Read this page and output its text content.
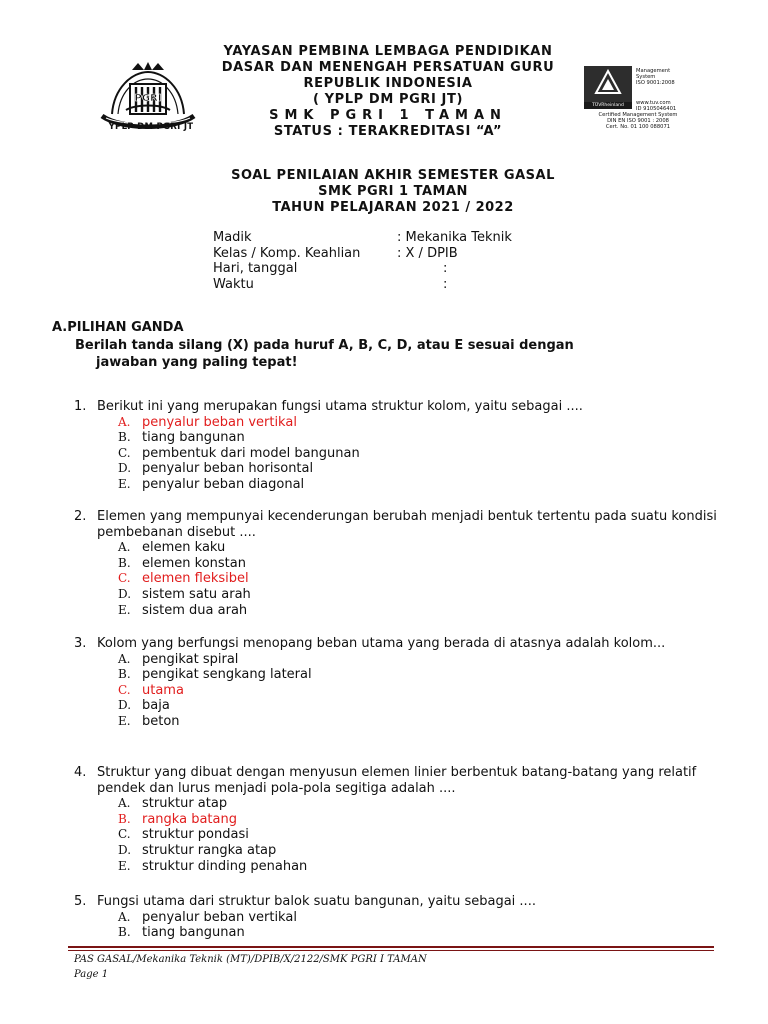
PGRI
YPLP DM PGRI JT
YAYASAN PEMBINA LEMBAGA PENDIDIKAN
DASAR DAN MENENGAH PERSATUAN GURU
REPUBLIK INDONESIA
( YPLP DM PGRI JT)
SMK PGRI 1 TAMAN
STATUS : TERAKREDITASI “A”
TÜVRheinland
Management
System
ISO 9001:2008
www.tuv.com
ID 9105046401
Certified Management System
DIN EN ISO 9001 : 2008
Cert. No. 01 100 088071
SOAL PENILAIAN AKHIR SEMESTER GASAL
SMK PGRI 1 TAMAN
TAHUN PELAJARAN 2021 / 2022
Madik	: Mekanika Teknik
Kelas / Komp. Keahlian	: X / DPIB
Hari, tanggal	:
Waktu	:
A.PILIHAN GANDA
Berilah tanda silang (X) pada huruf A, B, C, D, atau E sesuai dengan
jawaban yang paling tepat!
1. Berikut ini yang merupakan fungsi utama struktur kolom, yaitu sebagai ....
A. penyalur beban vertikal
B. tiang bangunan
C. pembentuk dari model bangunan
D. penyalur beban horisontal
E. penyalur beban diagonal
2. Elemen yang mempunyai kecenderungan berubah menjadi bentuk tertentu pada suatu kondisi pembebanan disebut ....
A. elemen kaku
B. elemen konstan
C. elemen fleksibel
D. sistem satu arah
E. sistem dua arah
3. Kolom yang berfungsi menopang beban utama yang berada di atasnya adalah kolom...
A. pengikat spiral
B. pengikat sengkang lateral
C. utama
D. baja
E. beton
4. Struktur yang dibuat dengan menyusun elemen linier berbentuk batang-batang yang relatif pendek dan lurus menjadi pola-pola segitiga adalah ....
A. struktur atap
B. rangka batang
C. struktur pondasi
D. struktur rangka atap
E. struktur dinding penahan
5. Fungsi utama dari struktur balok suatu bangunan, yaitu sebagai ....
A. penyalur beban vertikal
B. tiang bangunan
PAS GASAL/Mekanika Teknik (MT)/DPIB/X/2122/SMK PGRI I TAMAN
Page 1
